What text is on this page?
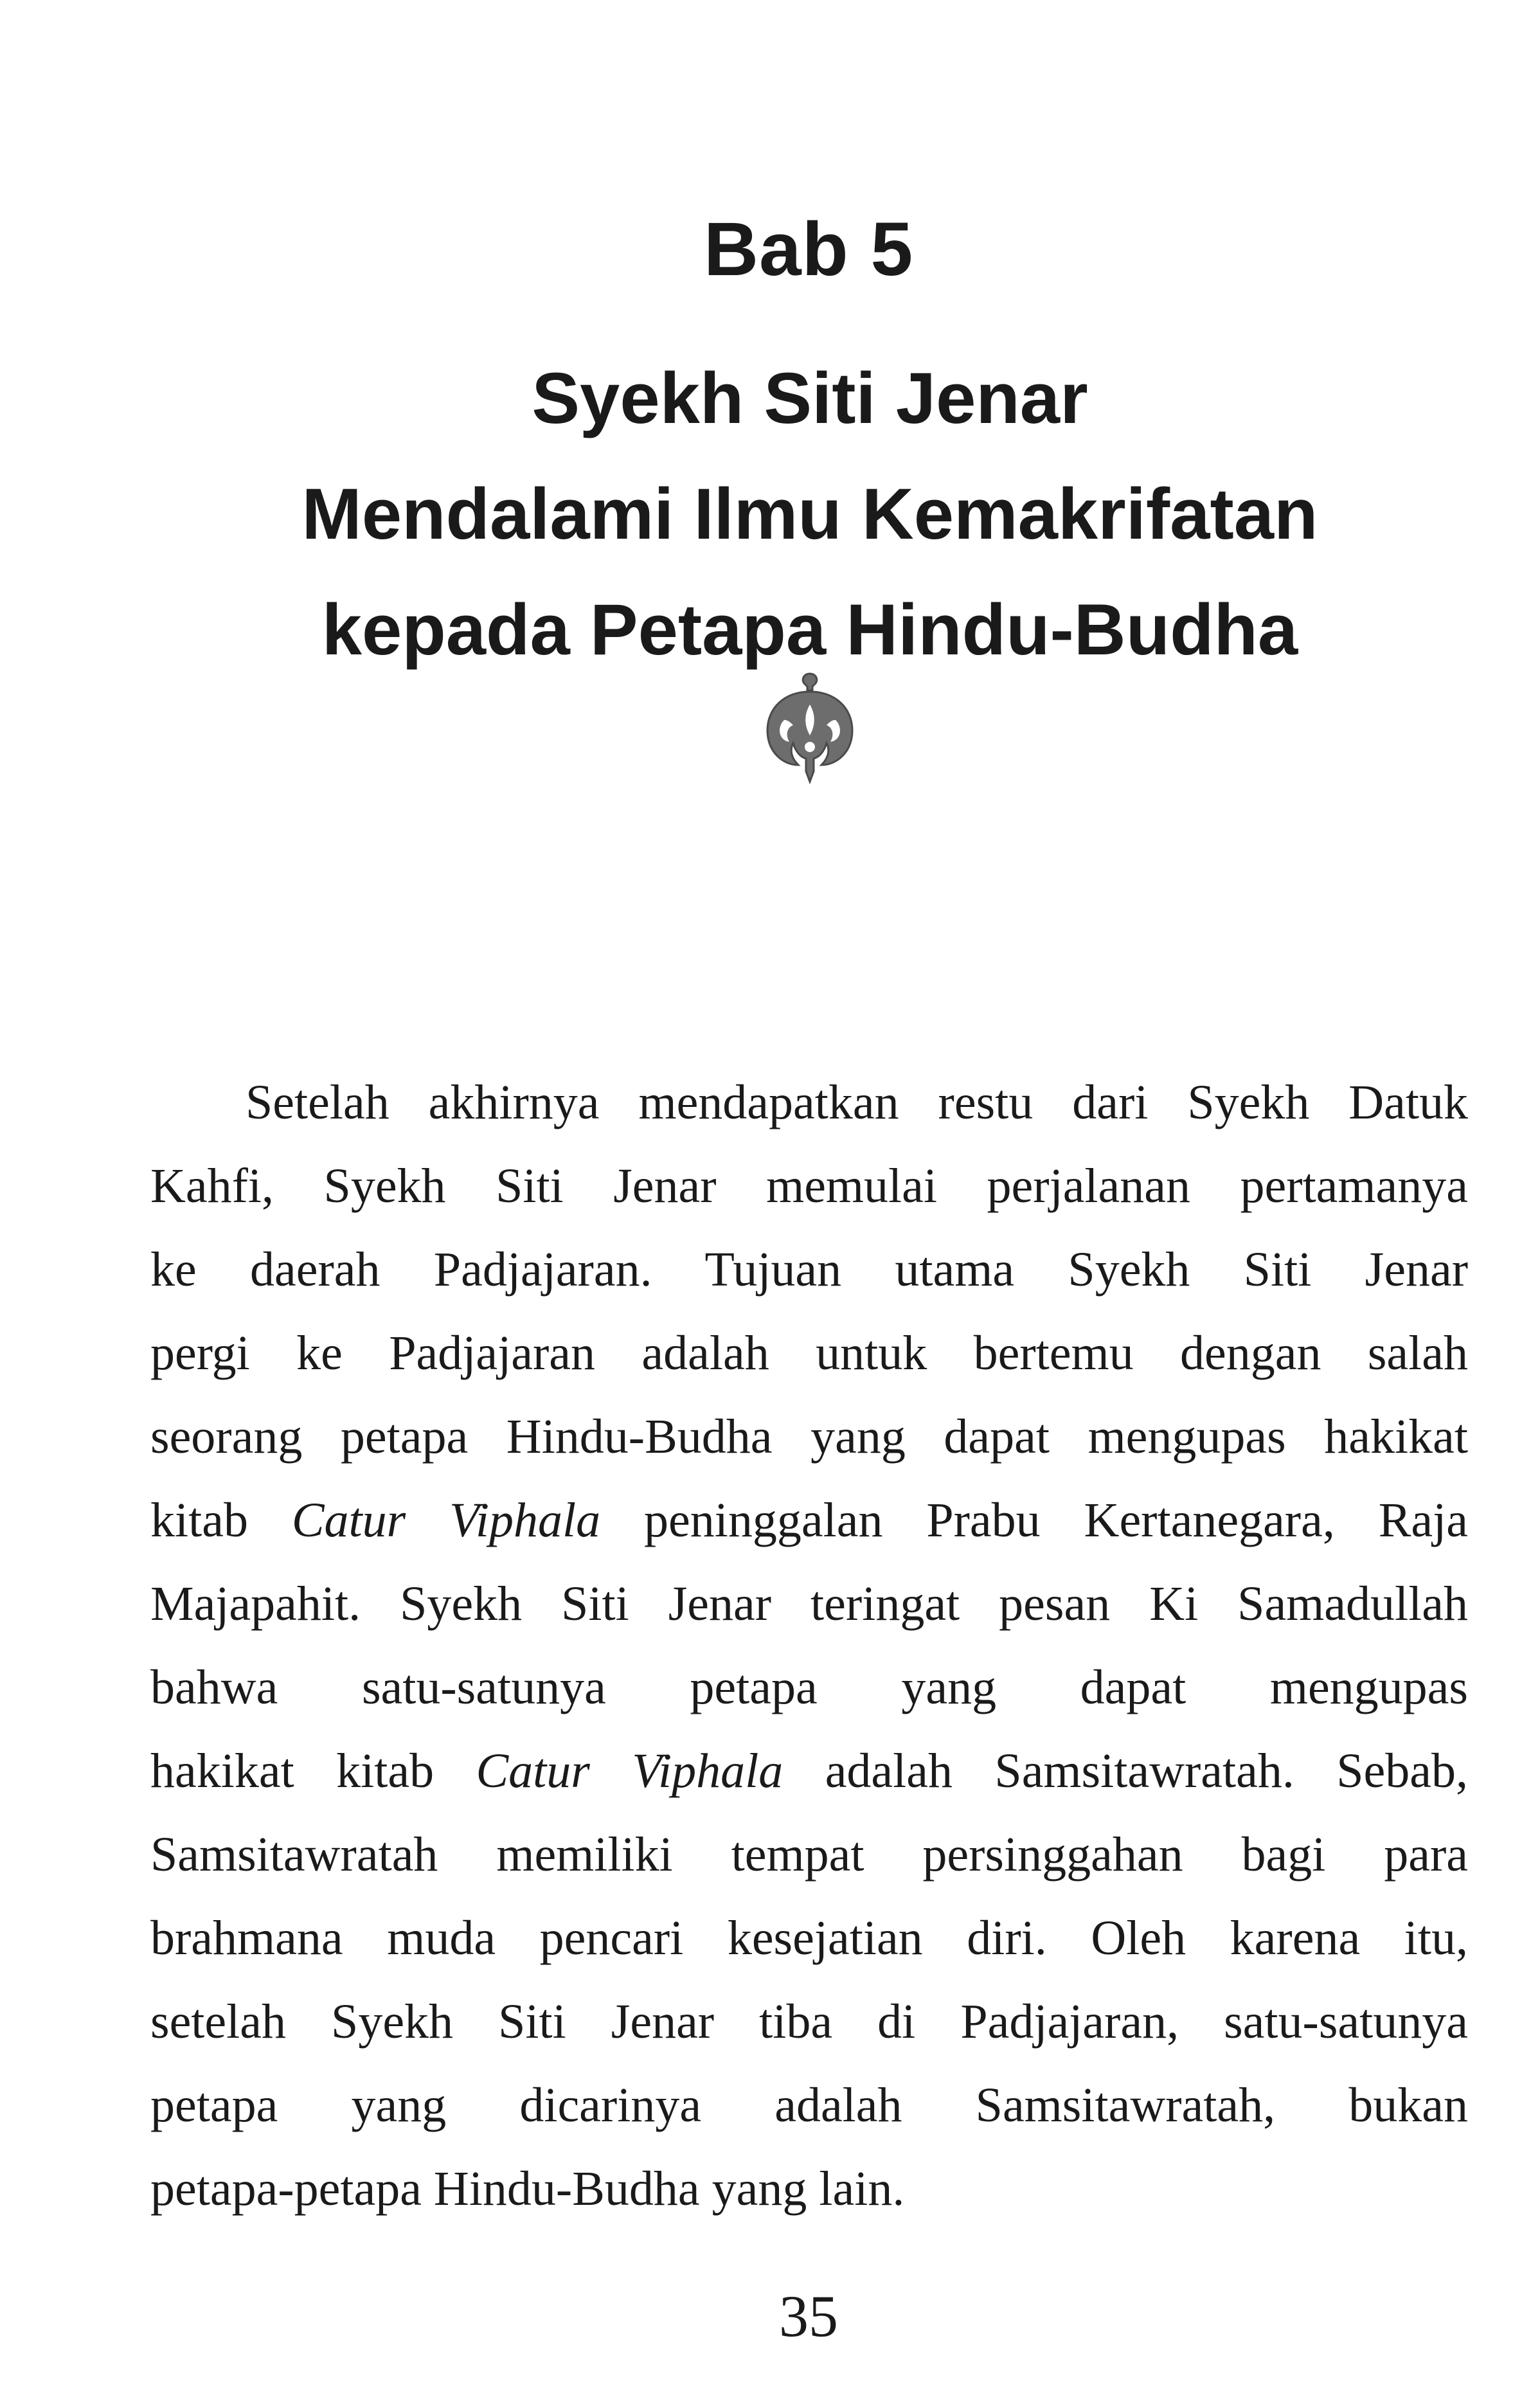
Bab 5
Syekh Siti Jenar
Mendalami Ilmu Kemakrifatan
kepada Petapa Hindu-Budha
Setelah akhirnya mendapatkan restu dari Syekh Datuk
Kahfi, Syekh Siti Jenar memulai perjalanan pertamanya
ke daerah Padjajaran. Tujuan utama Syekh Siti Jenar
pergi ke Padjajaran adalah untuk bertemu dengan salah
seorang petapa Hindu-Budha yang dapat mengupas hakikat
kitab Catur Viphala peninggalan Prabu Kertanegara, Raja
Majapahit. Syekh Siti Jenar teringat pesan Ki Samadullah
bahwa satu-satunya petapa yang dapat mengupas
hakikat kitab Catur Viphala adalah Samsitawratah. Sebab,
Samsitawratah memiliki tempat persinggahan bagi para
brahmana muda pencari kesejatian diri. Oleh karena itu,
setelah Syekh Siti Jenar tiba di Padjajaran, satu-satunya
petapa yang dicarinya adalah Samsitawratah, bukan
petapa-petapa Hindu-Budha yang lain.
35
